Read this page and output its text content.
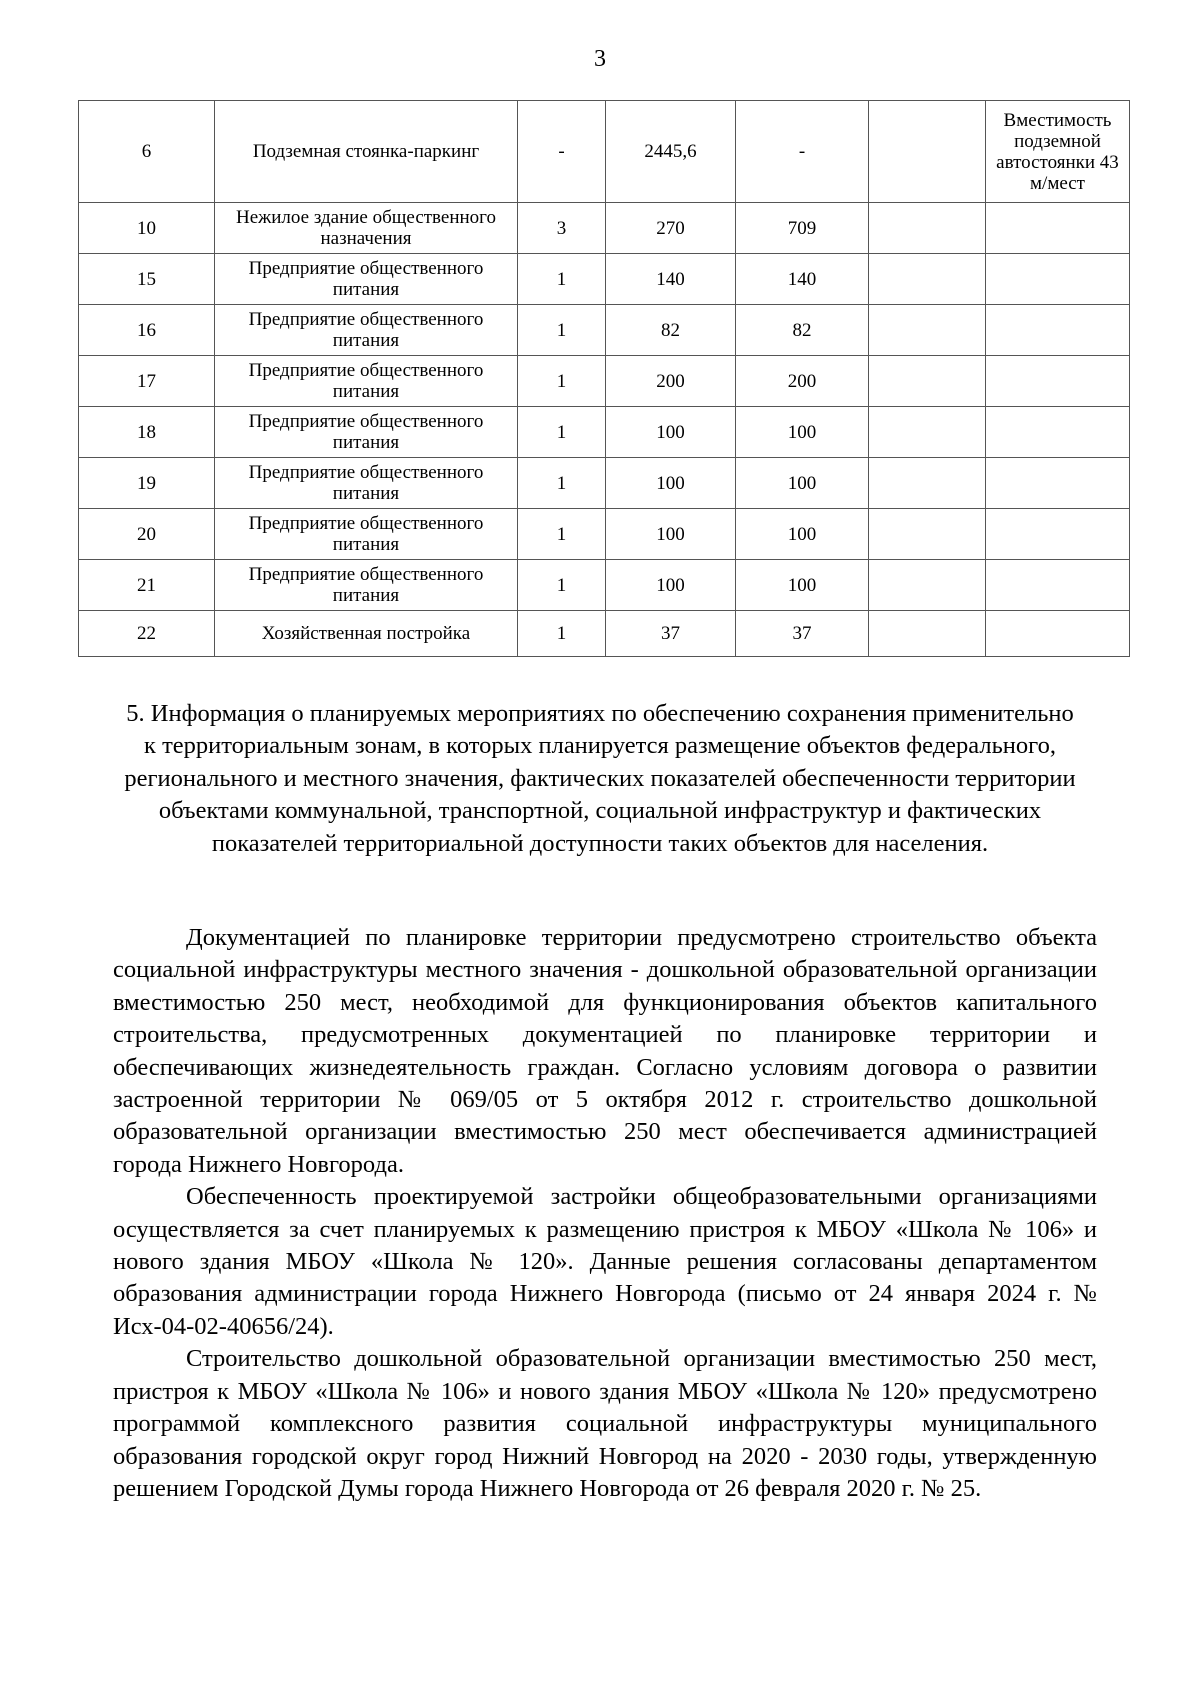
3
6	Подземная стоянка-паркинг	-	2445,6	-		Вместимость подземной автостоянки 43 м/мест
10	Нежилое здание общественного назначения	3	270	709		
15	Предприятие общественного питания	1	140	140		
16	Предприятие общественного питания	1	82	82		
17	Предприятие общественного питания	1	200	200		
18	Предприятие общественного питания	1	100	100		
19	Предприятие общественного питания	1	100	100		
20	Предприятие общественного питания	1	100	100		
21	Предприятие общественного питания	1	100	100		
22	Хозяйственная постройка	1	37	37		
5. Информация о планируемых мероприятиях по обеспечению сохранения применительно к территориальным зонам, в которых планируется размещение объектов федерального, регионального и местного значения, фактических показателей обеспеченности территории объектами коммунальной, транспортной, социальной инфраструктур и фактических показателей территориальной доступности таких объектов для населения.

Документацией по планировке территории предусмотрено строительство объекта социальной инфраструктуры местного значения - дошкольной образовательной организации вместимостью 250 мест, необходимой для функционирования объектов капитального строительства, предусмотренных документацией по планировке территории и обеспечивающих жизнедеятельность граждан. Согласно условиям договора о развитии застроенной территории № 069/05 от 5 октября 2012 г. строительство дошкольной образовательной организации вместимостью 250 мест обеспечивается администрацией города Нижнего Новгорода.

Обеспеченность проектируемой застройки общеобразовательными организациями осуществляется за счет планируемых к размещению пристроя к МБОУ «Школа № 106» и нового здания МБОУ «Школа № 120». Данные решения согласованы департаментом образования администрации города Нижнего Новгорода (письмо от 24 января 2024 г. № Исх-04-02-40656/24).

Строительство дошкольной образовательной организации вместимостью 250 мест, пристроя к МБОУ «Школа № 106» и нового здания МБОУ «Школа № 120» предусмотрено программой комплексного развития социальной инфраструктуры муниципального образования городской округ город Нижний Новгород на 2020 - 2030 годы, утвержденную решением Городской Думы города Нижнего Новгорода от 26 февраля 2020 г. № 25.
